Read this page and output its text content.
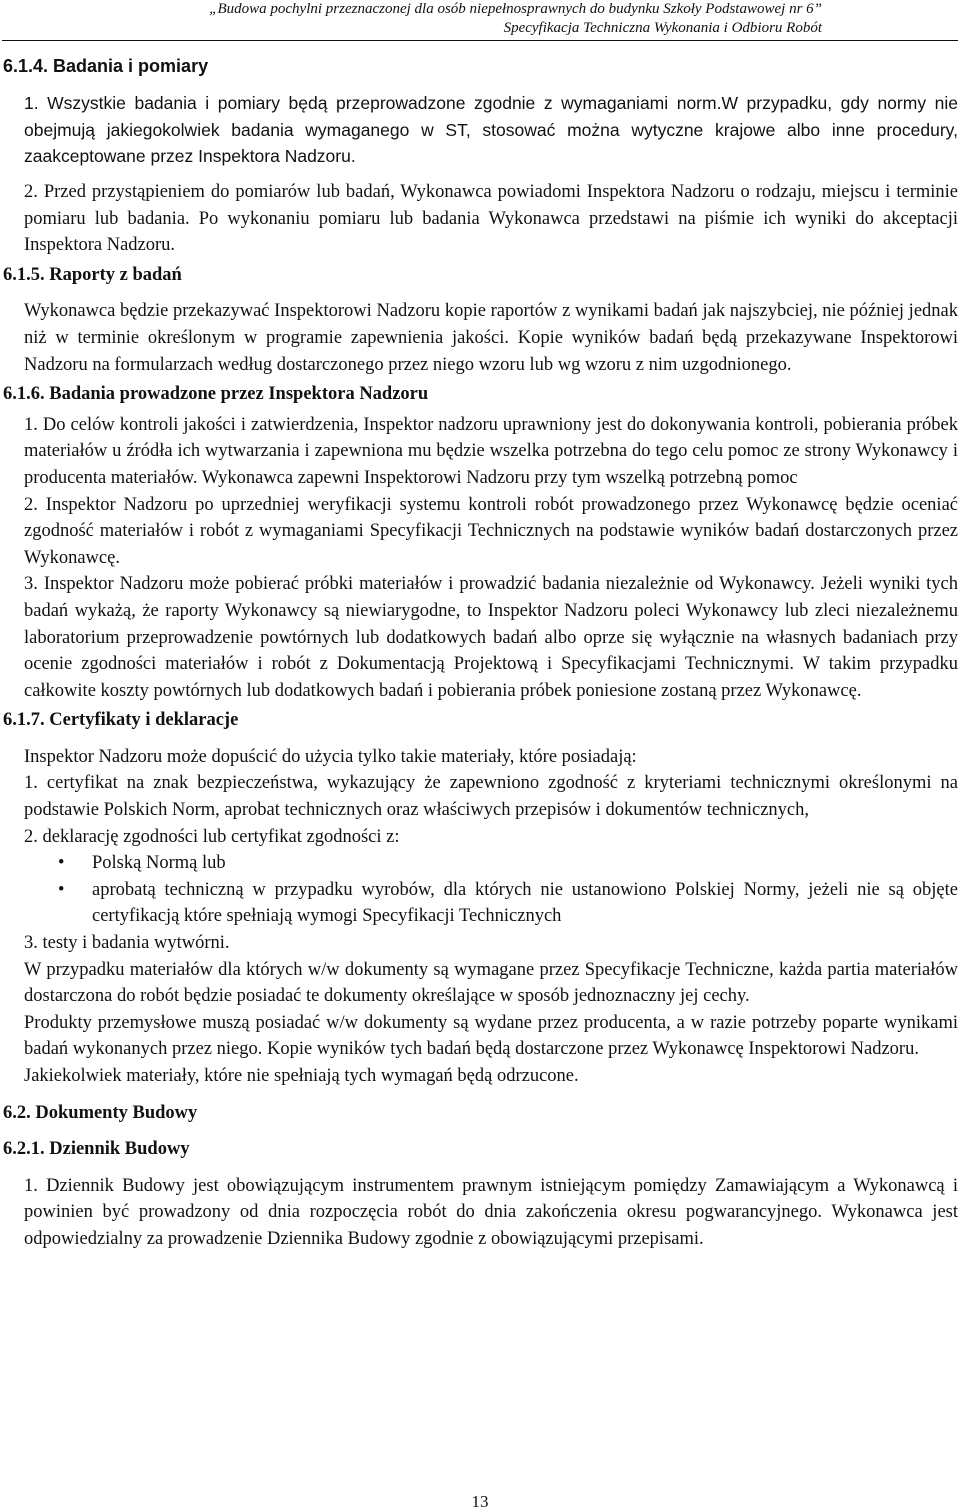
„Budowa pochylni przeznaczonej dla osób niepełnosprawnych do budynku Szkoły Podstawowej nr 6”
Specyfikacja Techniczna Wykonania i Odbioru Robót
6.1.4. Badania i pomiary

1. Wszystkie badania i pomiary będą przeprowadzone zgodnie z wymaganiami norm.W przypadku, gdy normy nie obejmują jakiegokolwiek badania wymaganego w ST, stosować można wytyczne krajowe albo inne procedury, zaakceptowane przez Inspektora Nadzoru.

2. Przed przystąpieniem do pomiarów lub badań, Wykonawca powiadomi Inspektora Nadzoru o rodzaju, miejscu i terminie pomiaru lub badania. Po wykonaniu pomiaru lub badania Wykonawca przedstawi na piśmie ich wyniki do akceptacji Inspektora Nadzoru.

6.1.5. Raporty z badań

Wykonawca będzie przekazywać Inspektorowi Nadzoru kopie raportów z wynikami badań jak najszybciej, nie później jednak niż w terminie określonym w programie zapewnienia jakości. Kopie wyników badań będą przekazywane Inspektorowi Nadzoru na formularzach według dostarczonego przez niego wzoru lub wg wzoru z nim uzgodnionego.

6.1.6. Badania prowadzone przez Inspektora Nadzoru

1. Do celów kontroli jakości i zatwierdzenia, Inspektor nadzoru uprawniony jest do dokonywania kontroli, pobierania próbek materiałów u źródła ich wytwarzania i zapewniona mu będzie wszelka potrzebna do tego celu pomoc ze strony Wykonawcy i producenta materiałów. Wykonawca zapewni Inspektorowi Nadzoru przy tym wszelką potrzebną pomoc

2. Inspektor Nadzoru po uprzedniej weryfikacji systemu kontroli robót prowadzonego przez Wykonawcę będzie oceniać zgodność materiałów i robót z wymaganiami Specyfikacji Technicznych na podstawie wyników badań dostarczonych przez Wykonawcę.

3. Inspektor Nadzoru może pobierać próbki materiałów i prowadzić badania niezależnie od Wykonawcy. Jeżeli wyniki tych badań wykażą, że raporty Wykonawcy są niewiarygodne, to Inspektor Nadzoru poleci Wykonawcy lub zleci niezależnemu laboratorium przeprowadzenie powtórnych lub dodatkowych badań albo oprze się wyłącznie na własnych badaniach przy ocenie zgodności materiałów i robót z Dokumentacją Projektową i Specyfikacjami Technicznymi. W takim przypadku całkowite koszty powtórnych lub dodatkowych badań i pobierania próbek poniesione zostaną przez Wykonawcę.

6.1.7. Certyfikaty i deklaracje

Inspektor Nadzoru może dopuścić do użycia tylko takie materiały, które posiadają:

1. certyfikat na znak bezpieczeństwa, wykazujący że zapewniono zgodność z kryteriami technicznymi określonymi na podstawie Polskich Norm, aprobat technicznych oraz właściwych przepisów i dokumentów technicznych,

2. deklarację zgodności lub certyfikat zgodności z:

•	Polską Normą lub
•	aprobatą techniczną w przypadku wyrobów, dla których nie ustanowiono Polskiej Normy, jeżeli nie są objęte certyfikacją które spełniają wymogi Specyfikacji Technicznych

3. testy i badania wytwórni.

W przypadku materiałów dla których w/w dokumenty są wymagane przez Specyfikacje Techniczne, każda partia materiałów dostarczona do robót będzie posiadać te dokumenty określające w sposób jednoznaczny jej cechy.

Produkty przemysłowe muszą posiadać w/w dokumenty są wydane przez producenta, a w razie potrzeby poparte wynikami badań wykonanych przez niego. Kopie wyników tych badań będą dostarczone przez Wykonawcę Inspektorowi Nadzoru.

Jakiekolwiek materiały, które nie spełniają tych wymagań będą odrzucone.

6.2. Dokumenty Budowy
6.2.1. Dziennik Budowy

1. Dziennik Budowy jest obowiązującym instrumentem prawnym istniejącym pomiędzy Zamawiającym a Wykonawcą i powinien być prowadzony od dnia rozpoczęcia robót do dnia zakończenia okresu pogwarancyjnego. Wykonawca jest odpowiedzialny za prowadzenie Dziennika Budowy zgodnie z obowiązującymi przepisami.

13
